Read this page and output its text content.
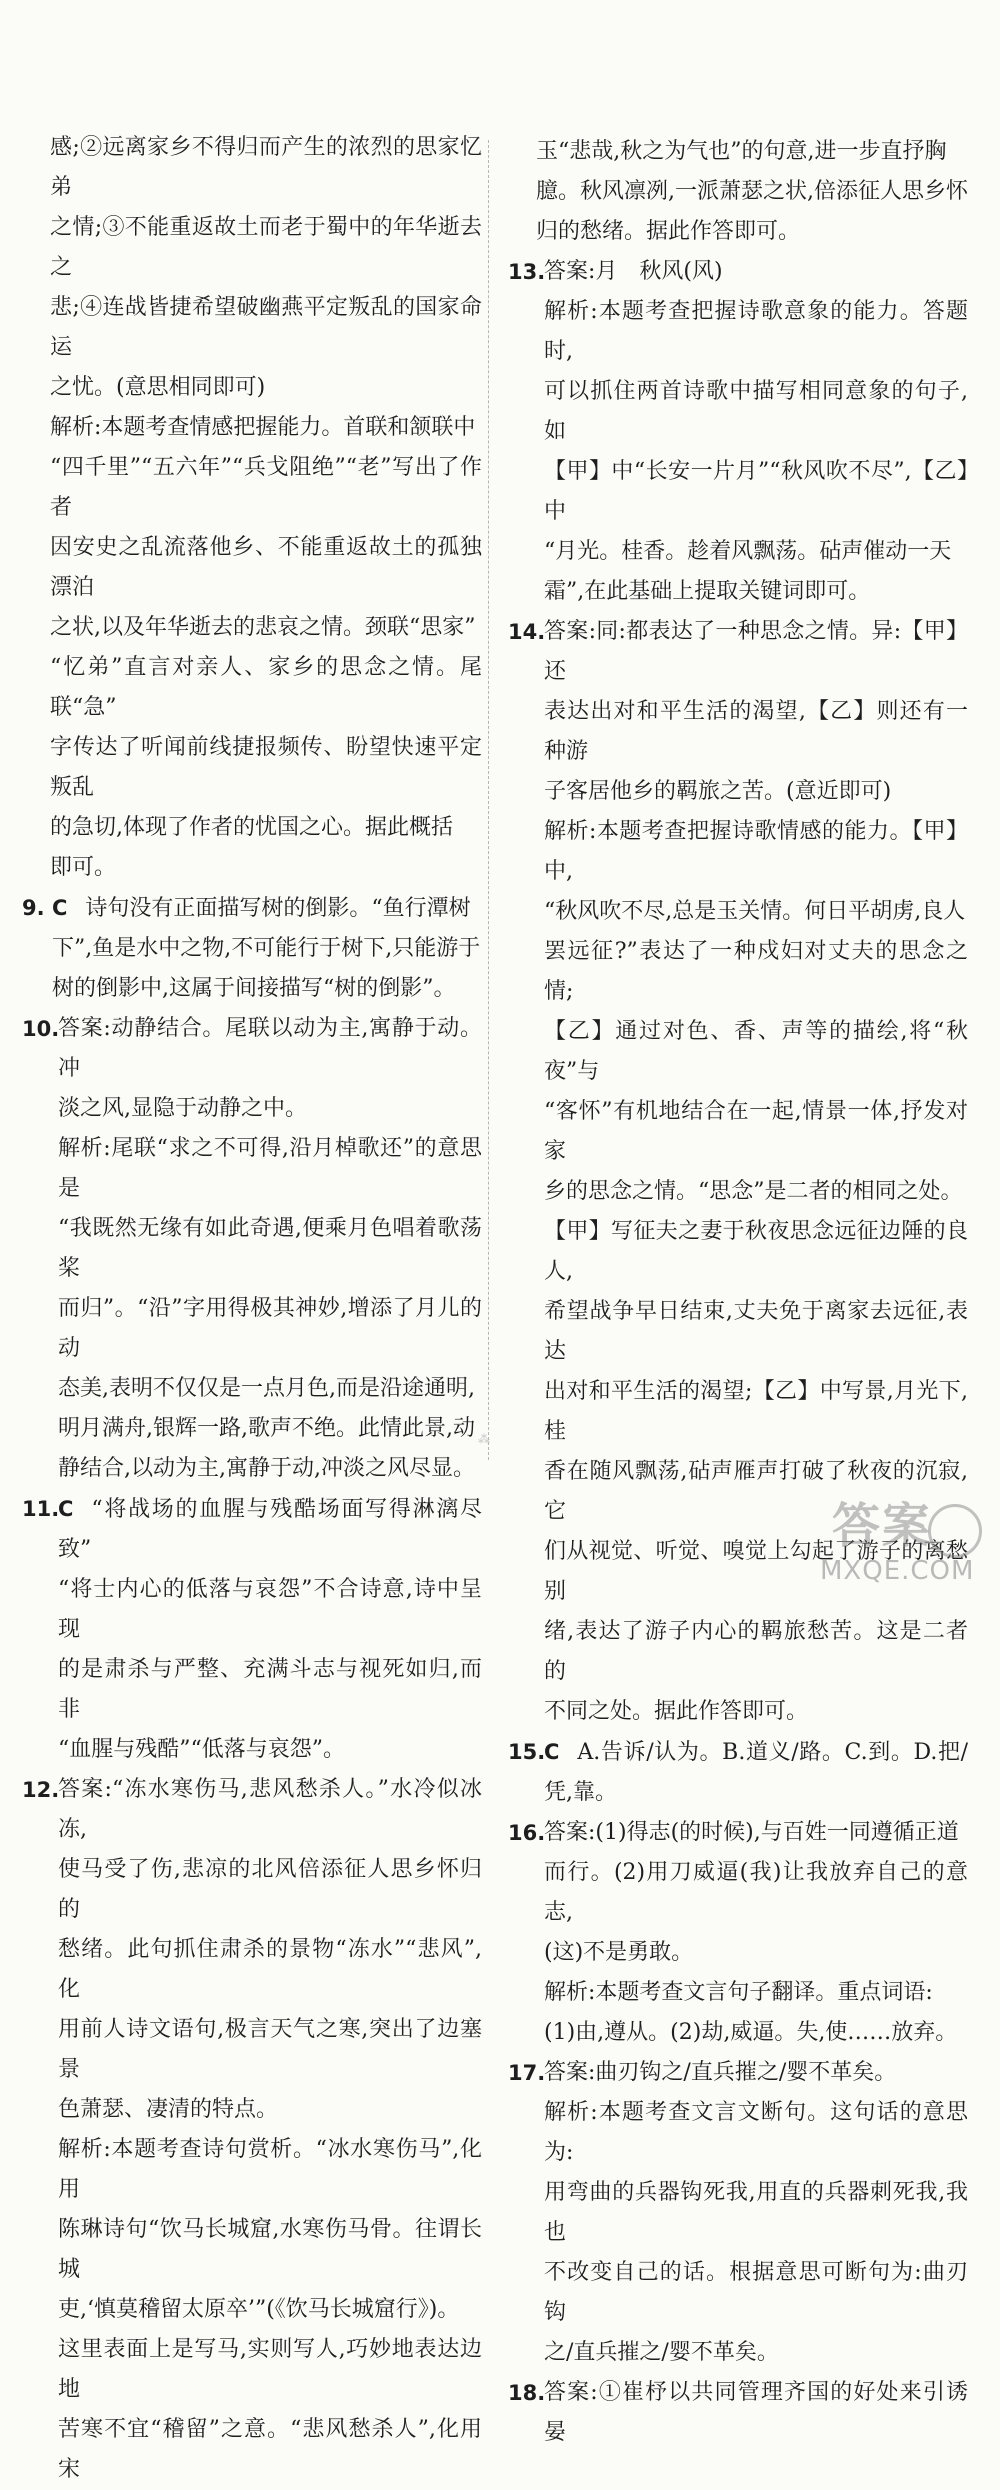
感;②远离家乡不得归而产生的浓烈的思家忆弟

之情;③不能重返故土而老于蜀中的年华逝去之

悲;④连战皆捷希望破幽燕平定叛乱的国家命运

之忧。(意思相同即可)

解析:本题考查情感把握能力。首联和颔联中

“四千里”“五六年”“兵戈阻绝”“老”写出了作者

因安史之乱流落他乡、不能重返故土的孤独漂泊

之状,以及年华逝去的悲哀之情。颈联“思家”

“忆弟”直言对亲人、家乡的思念之情。尾联“急”

字传达了听闻前线捷报频传、盼望快速平定叛乱

的急切,体现了作者的忧国之心。据此概括

即可。

9. C 诗句没有正面描写树的倒影。“鱼行潭树

下”,鱼是水中之物,不可能行于树下,只能游于

树的倒影中,这属于间接描写“树的倒影”。

10.

答案:动静结合。尾联以动为主,寓静于动。冲

淡之风,显隐于动静之中。

解析:尾联“求之不可得,沿月棹歌还”的意思是

“我既然无缘有如此奇遇,便乘月色唱着歌荡桨

而归”。“沿”字用得极其神妙,增添了月儿的动

态美,表明不仅仅是一点月色,而是沿途通明,

明月满舟,银辉一路,歌声不绝。此情此景,动

静结合,以动为主,寓静于动,冲淡之风尽显。

11.

C “将战场的血腥与残酷场面写得淋漓尽致”

“将士内心的低落与哀怨”不合诗意,诗中呈现

的是肃杀与严整、充满斗志与视死如归,而非

“血腥与残酷”“低落与哀怨”。

12.

答案:“冻水寒伤马,悲风愁杀人。”水冷似冰冻,

使马受了伤,悲凉的北风倍添征人思乡怀归的

愁绪。此句抓住肃杀的景物“冻水”“悲风”,化

用前人诗文语句,极言天气之寒,突出了边塞景

色萧瑟、凄清的特点。

解析:本题考查诗句赏析。“冰水寒伤马”,化用

陈琳诗句“饮马长城窟,水寒伤马骨。往谓长城

吏,‘慎莫稽留太原卒’”(《饮马长城窟行》)。

这里表面上是写马,实则写人,巧妙地表达边地

苦寒不宜“稽留”之意。“悲风愁杀人”,化用宋

⁂

玉“悲哉,秋之为气也”的句意,进一步直抒胸

臆。秋风凛冽,一派萧瑟之状,倍添征人思乡怀

归的愁绪。据此作答即可。

13.

答案:月　秋风(风)

解析:本题考查把握诗歌意象的能力。答题时,

可以抓住两首诗歌中描写相同意象的句子,如

【甲】中“长安一片月”“秋风吹不尽”,【乙】中

“月光。桂香。趁着风飘荡。砧声催动一天

霜”,在此基础上提取关键词即可。

14.

答案:同:都表达了一种思念之情。异:【甲】还

表达出对和平生活的渴望,【乙】则还有一种游

子客居他乡的羁旅之苦。(意近即可)

解析:本题考查把握诗歌情感的能力。【甲】中,

“秋风吹不尽,总是玉关情。何日平胡虏,良人

罢远征?”表达了一种戍妇对丈夫的思念之情;

【乙】通过对色、香、声等的描绘,将“秋夜”与

“客怀”有机地结合在一起,情景一体,抒发对家

乡的思念之情。“思念”是二者的相同之处。

【甲】写征夫之妻于秋夜思念远征边陲的良人,

希望战争早日结束,丈夫免于离家去远征,表达

出对和平生活的渴望;【乙】中写景,月光下,桂

香在随风飘荡,砧声雁声打破了秋夜的沉寂,它

们从视觉、听觉、嗅觉上勾起了游子的离愁别

绪,表达了游子内心的羁旅愁苦。这是二者的

不同之处。据此作答即可。

15.

C A.告诉/认为。B.道义/路。C.到。D.把/凭,靠。

16.

答案:(1)得志(的时候),与百姓一同遵循正道

而行。(2)用刀威逼(我)让我放弃自己的意志,

(这)不是勇敢。

解析:本题考查文言句子翻译。重点词语:

(1)由,遵从。(2)劫,威逼。失,使……放弃。

17.

答案:曲刃钩之/直兵摧之/婴不革矣。

解析:本题考查文言文断句。这句话的意思为:

用弯曲的兵器钩死我,用直的兵器刺死我,我也

不改变自己的话。根据意思可断句为:曲刃钩

之/直兵摧之/婴不革矣。

18.

答案:①崔杼以共同管理齐国的好处来引诱晏

答案
MXQE.COM
